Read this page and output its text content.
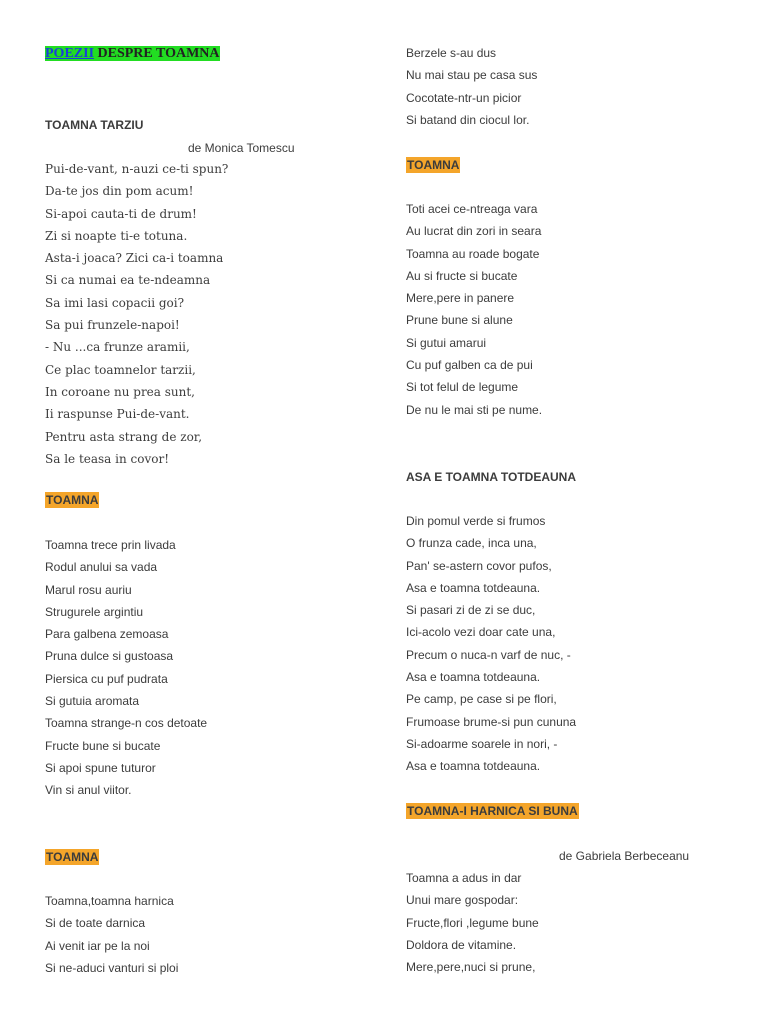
POEZII DESPRE TOAMNA
TOAMNA TARZIU
de Monica Tomescu
Pui-de-vant, n-auzi ce-ti spun?
Da-te jos din pom acum!
Si-apoi cauta-ti de drum!
Zi si noapte ti-e totuna.
Asta-i joaca? Zici ca-i toamna
Si ca numai ea te-ndeamna
Sa imi lasi copacii goi?
Sa pui frunzele-napoi!
- Nu ...ca frunze aramii,
Ce plac toamnelor tarzii,
In coroane nu prea sunt,
Ii raspunse Pui-de-vant.
Pentru asta strang de zor,
Sa le teasa in covor!
TOAMNA
Toamna trece prin livada
Rodul anului sa vada
Marul rosu auriu
Strugurele argintiu
Para galbena zemoasa
Pruna dulce si gustoasa
Piersica cu puf pudrata
Si gutuia aromata
Toamna strange-n cos detoate
Fructe bune si bucate
Si apoi spune tuturor
Vin si anul viitor.
TOAMNA
Toamna,toamna harnica
Si de toate darnica
Ai venit iar pe la noi
Si ne-aduci vanturi si ploi
Berzele s-au dus
Nu mai stau pe casa sus
Cocotate-ntr-un picior
Si batand din ciocul lor.
TOAMNA
Toti acei ce-ntreaga vara
Au lucrat din zori in seara
Toamna au roade bogate
Au si fructe si bucate
Mere,pere in panere
Prune bune si alune
Si gutui amarui
Cu puf galben ca de pui
Si tot felul de legume
De nu le mai sti pe nume.
ASA E TOAMNA TOTDEAUNA
Din pomul verde si frumos
O frunza cade, inca una,
Pan' se-astern covor pufos,
Asa e toamna totdeauna.
Si pasari zi de zi se duc,
Ici-acolo vezi doar cate una,
Precum o nuca-n varf de nuc, -
Asa e toamna totdeauna.
Pe camp, pe case si pe flori,
Frumoase brume-si pun cununa
Si-adoarme soarele in nori, -
Asa e toamna totdeauna.
TOAMNA-I HARNICA SI BUNA
de Gabriela Berbeceanu
Toamna a adus in dar
Unui mare gospodar:
Fructe,flori ,legume bune
Doldora de vitamine.
Mere,pere,nuci si prune,
